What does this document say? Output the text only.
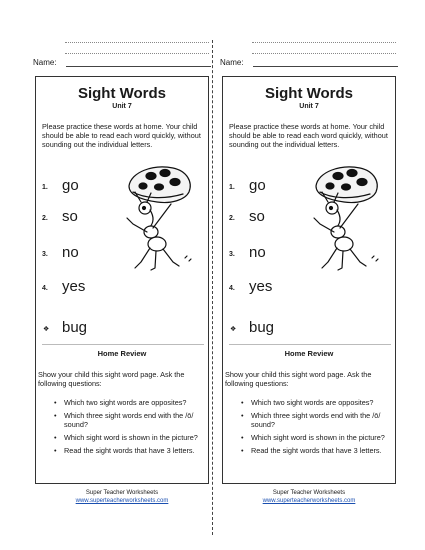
Name:
Sight Words
Unit 7
Please practice these words at home. Your child should be able to read each word quickly, without sounding out the individual letters.
1. go
2. so
3. no
4. yes
❖ bug
Home Review
Show your child this sight word page. Ask the following questions:
• Which two sight words are opposites?
• Which three sight words end with the /ō/ sound?
• Which sight word is shown in the picture?
• Read the sight words that have 3 letters.
Super Teacher Worksheets
www.superteacherworksheets.com
Name:
Sight Words
Unit 7
Please practice these words at home. Your child should be able to read each word quickly, without sounding out the individual letters.
1. go
2. so
3. no
4. yes
❖ bug
Home Review
Show your child this sight word page. Ask the following questions:
• Which two sight words are opposites?
• Which three sight words end with the /ō/ sound?
• Which sight word is shown in the picture?
• Read the sight words that have 3 letters.
Super Teacher Worksheets
www.superteacherworksheets.com
